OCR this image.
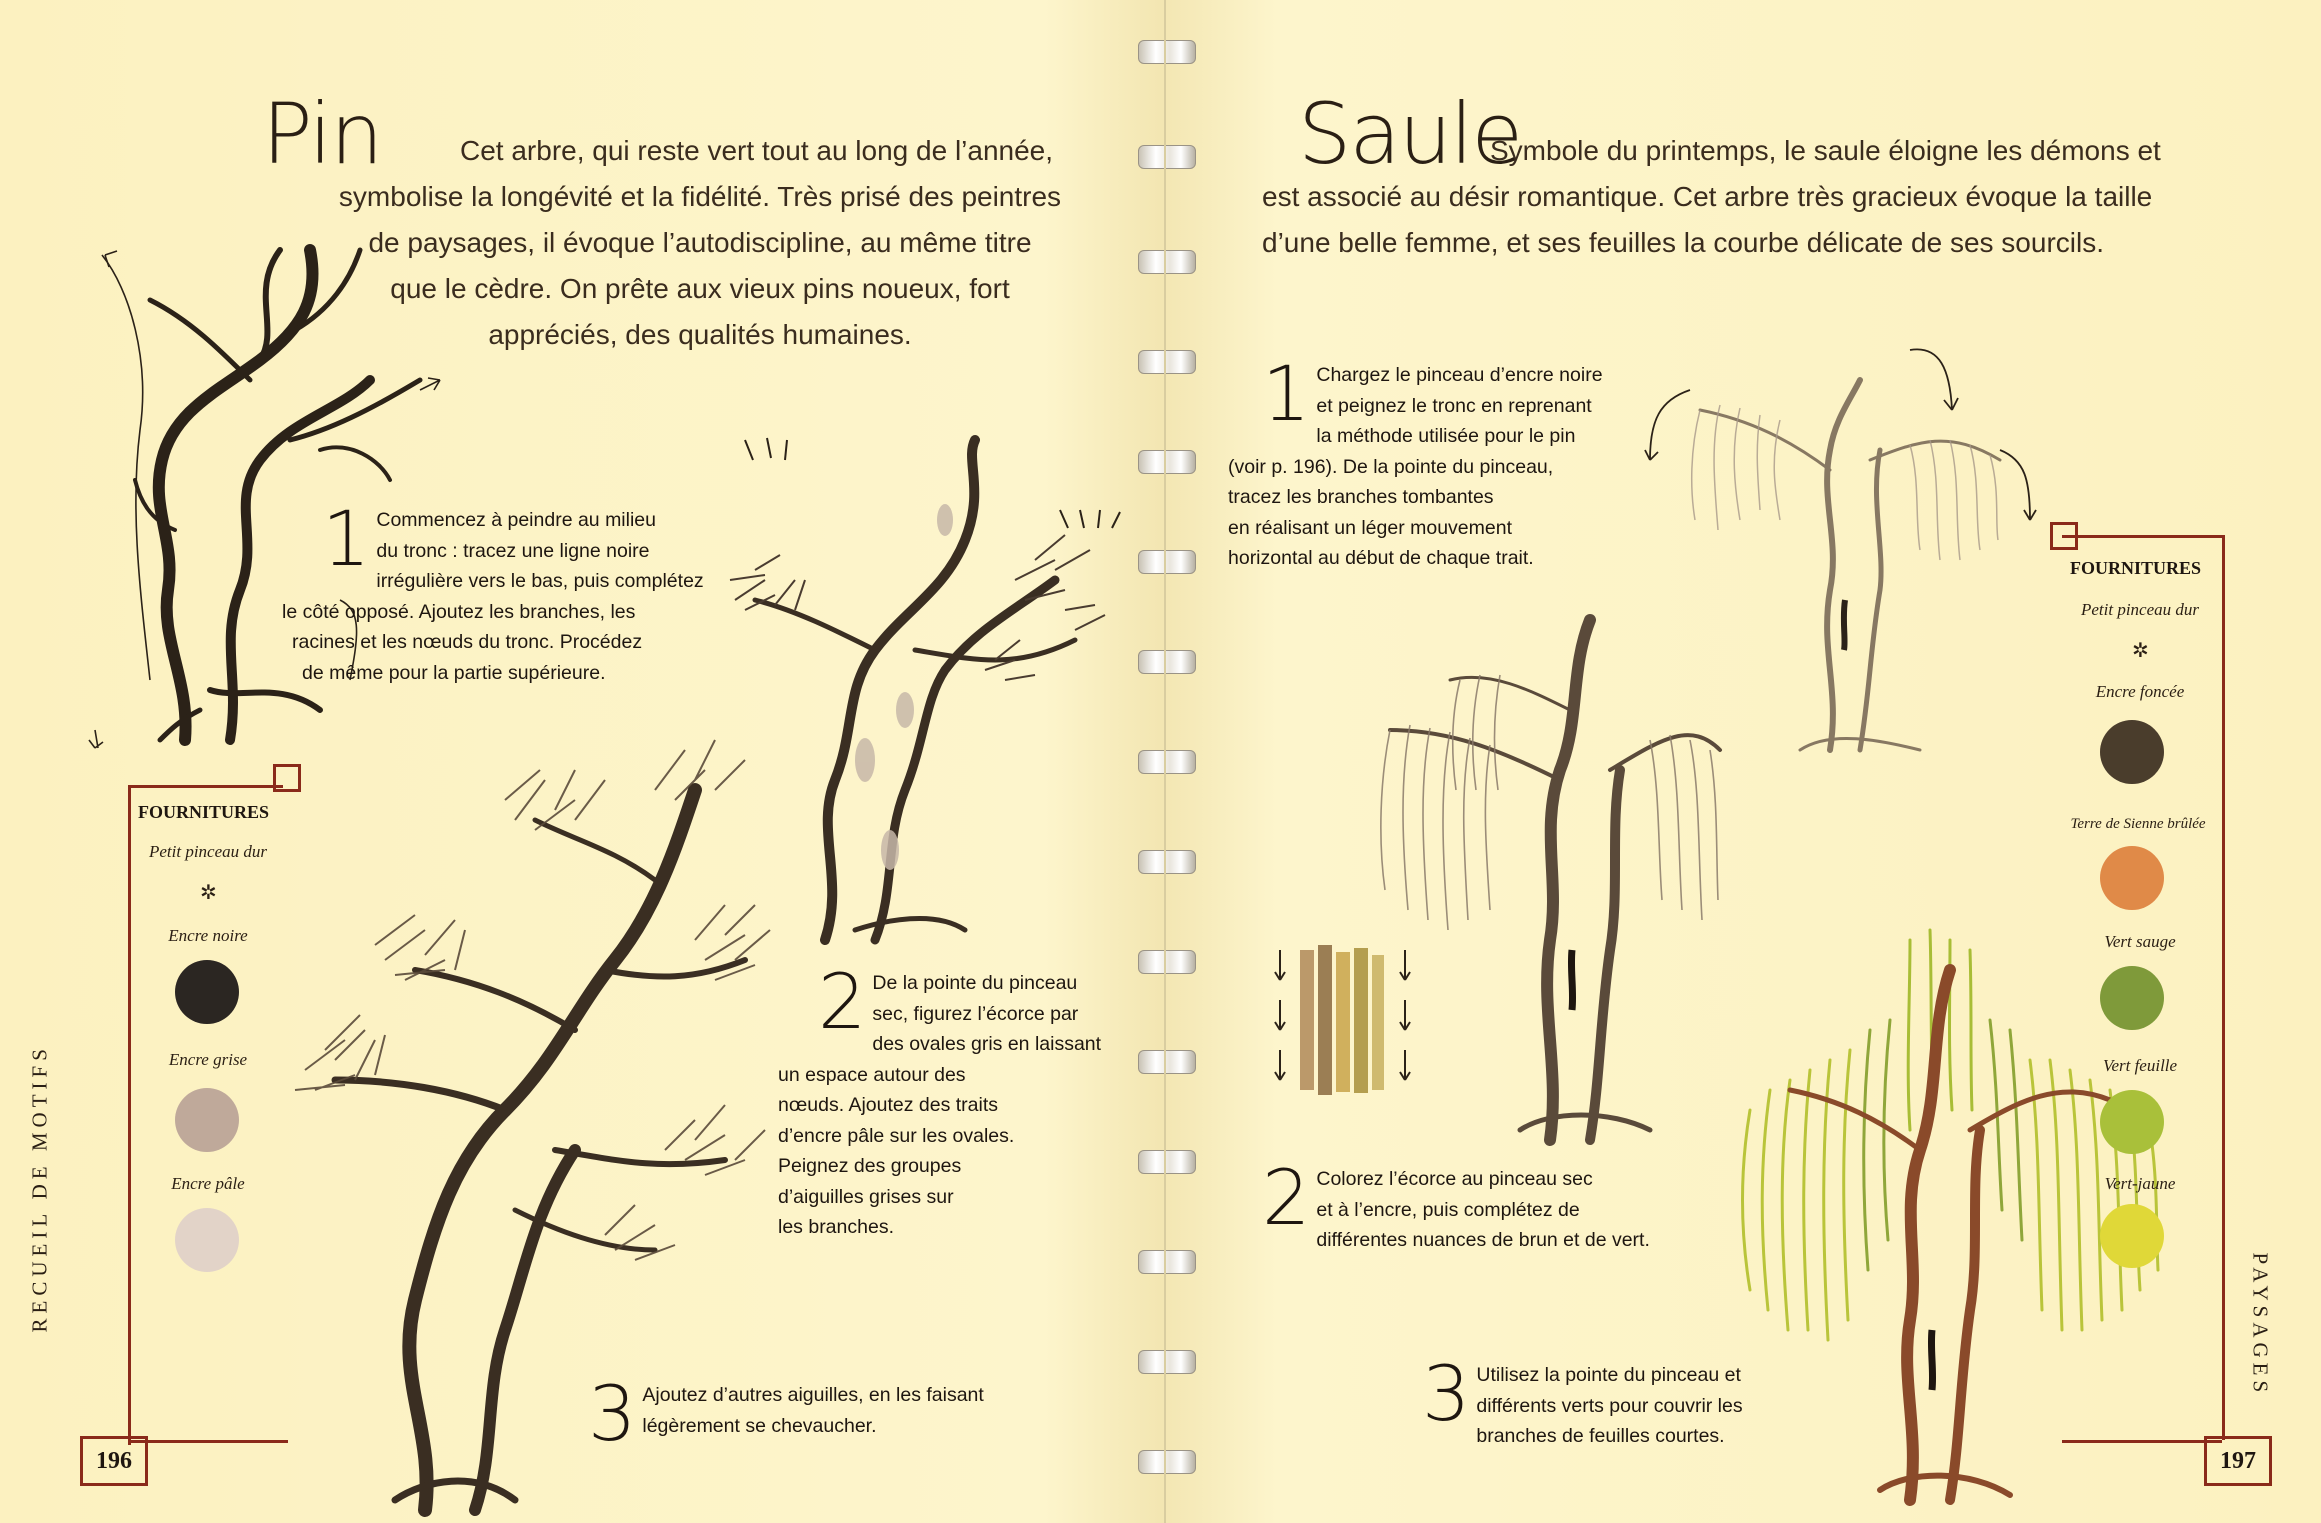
Pin	Cet arbre, qui reste vert tout au long de l’année,
symbolise la longévité et la fidélité. Très prisé des peintres
de paysages, il évoque l’autodiscipline, au même titre
que le cèdre. On prête aux vieux pins noueux, fort
appréciés, des qualités humaines.
1 Commencez à peindre au milieu
du tronc : tracez une ligne noire
irrégulière vers le bas, puis complétez
le côté opposé. Ajoutez les branches, les
racines et les nœuds du tronc. Procédez
de même pour la partie supérieure.
2 De la pointe du pinceau
sec, figurez l’écorce par
des ovales gris en laissant
un espace autour des
nœuds. Ajoutez des traits
d’encre pâle sur les ovales.
Peignez des groupes
d’aiguilles grises sur
les branches.
3 Ajoutez d’autres aiguilles, en les faisant
légèrement se chevaucher.
FOURNITURES
Petit pinceau dur
✲
Encre noire
Encre grise
Encre pâle
RECUEIL DE MOTIFS
196
Saule
Symbole du printemps, le saule éloigne les démons et
est associé au désir romantique. Cet arbre très gracieux évoque la taille
d’une belle femme, et ses feuilles la courbe délicate de ses sourcils.
1 Chargez le pinceau d’encre noire
et peignez le tronc en reprenant
la méthode utilisée pour le pin
(voir p. 196). De la pointe du pinceau,
tracez les branches tombantes
en réalisant un léger mouvement
horizontal au début de chaque trait.
2 Colorez l’écorce au pinceau sec
et à l’encre, puis complétez de
différentes nuances de brun et de vert.
3 Utilisez la pointe du pinceau et
différents verts pour couvrir les
branches de feuilles courtes.
FOURNITURES
Petit pinceau dur
✲
Encre foncée
Terre de Sienne brûlée
Vert sauge
Vert feuille
Vert-jaune
PAYSAGES
197
